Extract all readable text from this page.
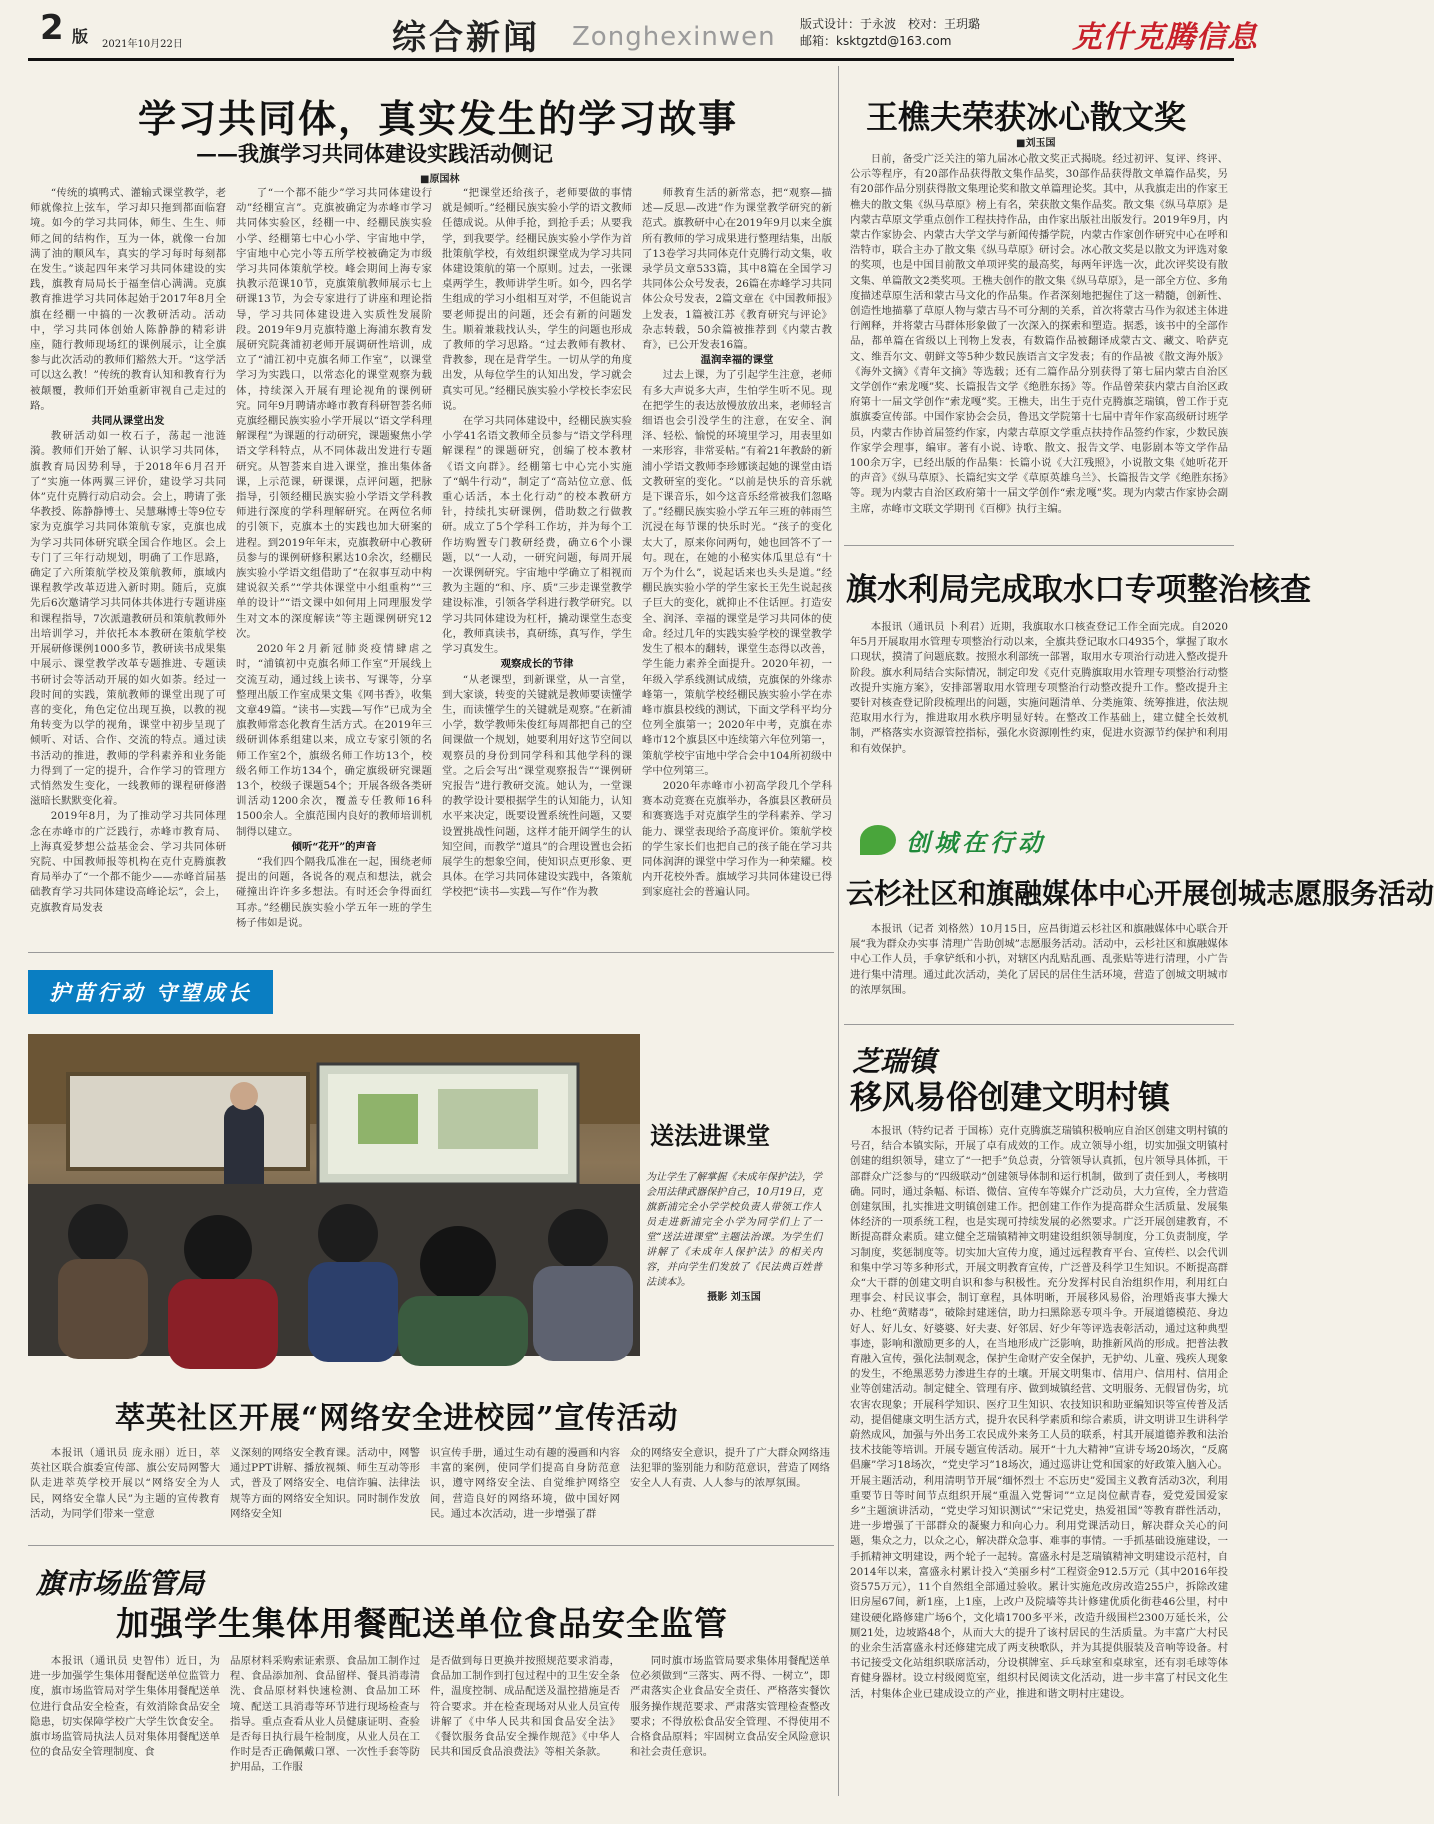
2 版 2021年10月22日	综合新闻 Zonghexinwen 版式设计：于永波　校对：王玥璐
邮箱：ksktgztd@163.com	克什克腾信息
学习共同体，真实发生的学习故事
——我旗学习共同体建设实践活动侧记
■原国林

“传统的填鸭式、灌输式课堂教学，老师就像拉上弦车，学习却只拖到都面临窘境。如今的学习共同体，师生、生生、师师之间的结构作，互为一体，就像一台加满了油的顺风车，真实的学习每时每刻都在发生。”谈起四年来学习共同体建设的实践，旗教育局局长于福奎信心满满。克旗教育推进学习共同体起始于2017年8月全旗在经棚一中搞的一次教研活动。活动中，学习共同体创始人陈静静的精彩讲座，随行教师现场红的课例展示，让全旗参与此次活动的教师们豁然大开。“这学活可以这么教！”传统的教育认知和教育行为被颠覆，教师们开始重新审视自己走过的路。

共同从课堂出发

教研活动如一枚石子，荡起一池涟漪。教师们开始了解、认识学习共同体，旗教育局因势利导，于2018年6月召开了“实施一体两翼三评价，建设学习共同体”克什克腾行动启动会。会上，聘请了张华教授、陈静静博士、吴慧琳博士等9位专家为克旗学习共同体策航专家，克旗也成为学习共同体研究联全国合作地区。会上专门了三年行动规划，明确了工作思路，确定了六所策航学校及策航教师，旗域内课程教学改革迈进入新时期。随后，克旗先后6次邀请学习共同体共体进行专题讲座和课程指导，7次派遣教研员和策航教师外出培训学习，并依托本本教研在策航学校开展研修课例1000多节，教研读书成果集中展示、课堂教学改革专题推进、专题读书研讨会等活动开展的如火如荼。经过一段时间的实践，策航教师的课堂出现了可喜的变化，角色定位出现互换，以教的视角转变为以学的视角，课堂中初步呈现了倾听、对话、合作、交流的特点。通过读书活动的推进，教师的学科素养和业务能力得到了一定的提升，合作学习的管理方式悄然发生变化，一线教师的课程研修潜滋暗长默默变化着。

2019年8月，为了推动学习共同体理念在赤峰市的广泛践行，赤峰市教育局、上海真爱梦想公益基金会、学习共同体研究院、中国教师报等机构在克什克腾旗教育局举办了“一个都不能少——赤峰首届基础教育学习共同体建设高峰论坛”，会上，克旗教育局发表

了“一个都不能少”学习共同体建设行动”经棚宣言”。克旗被确定为赤峰市学习共同体实验区，经棚一中、经棚民族实验小学、经棚第七中心小学、宇宙地中学，宇宙地中心完小等五所学校被确定为市级学习共同体策航学校。峰会期间上海专家执教示范课10节，克旗策航教师展示七上研课13节，为会专家进行了讲座和理论指导，学习共同体建设进入实质性发展阶段。2019年9月克旗特邀上海浦东教育发展研究院龚浦初老师开展调研性培训，成立了“浦江初中克旗名师工作室”，以课堂学习为实践口，以常态化的课堂观察为载体，持续深入开展有理论视角的课例研究。同年9月聘请赤峰市教育科研智荟名师克旗经棚民族实验小学开展以“语文学科理解课程”为课题的行动研究，课题聚焦小学语文学科特点，从不同体裁出发进行专题研究。从智荟来自进入课堂，推出集体备课，上示范课，研课课，点评问题，把脉指导，引领经棚民族实验小学语文学科教师进行深度的学科理解研究。在两位名师的引领下，克旗本土的实践也加大研案的进程。到2019年年末，克旗教研中心教研员参与的课例研修积累达10余次，经棚民族实验小学语文组借助了“在叙事互动中构建说叙关系”“学共体课堂中小组重构”“三单的设计”“语文课中如何用上同理服发学生对文本的深度解读”等主题课例研究12次。

2020年2月新冠肺炎疫情肆虐之时，“浦镇初中克旗名师工作室”开展线上交流互动，通过线上读书、写课等，分享整理出版工作室成果文集《网书香》，收集文章49篇。“读书—实践—写作”已成为全旗教师常态化教育生活方式。在2019年三级研训体系组建以来，成立专家引领的名师工作室2个，旗级名师工作坊13个，校级名师工作坊134个，确定旗级研究课题13个，校级子课题54个；开展各级各类研训活动1200余次，覆盖专任教师16科1500余人。全旗范围内良好的教师培训机制得以建立。

倾听“花开”的声音

“我们四个隔我瓜准在一起，围绕老师提出的问题，各说各的观点和想法，就会碰撞出许许多多想法。有时还会争得面红耳赤。”经棚民族实验小学五年一班的学生杨子伟如是说。

“把课堂还给孩子，老师要做的事情就是倾听。”经棚民族实验小学的语文教师任德成说。从伸手抢，到抢手丢；从要我学，到我要学。经棚民族实验小学作为首批策航学校，有效组织课堂成为学习共同体建设策航的第一个原则。过去，一张课桌两学生，教师讲学生听。如今，四名学生组成的学习小组相互对学，不但能说言要老师提出的问题，还会有新的问题发生。顺着兼栽找认头，学生的问题也形成了教师的学习思路。“过去教师有教材、背教参，现在是背学生。一切从学的角度出发，从每位学生的认知出发，学习就会真实可见。”经棚民族实验小学校长李宏民说。

在学习共同体建设中，经棚民族实验小学41名语文教师全员参与“语文学科理解课程”的课题研究，创编了校本教材《语文向群》。经棚第七中心完小实施了“蜗牛行动”，制定了“高站位立意、低重心话活，本土化行动”的校本教研方针，持续扎实研课例，借助数之行做教研。成立了5个学科工作坊，并为每个工作坊购置专门教研经费，确立6个小课题，以“一人动，一研究问题，每周开展一次课例研究。宇宙地中学确立了相视而教为主题的“和、序、质”三步走课堂教学建设标准，引领各学科进行教学研究。以学习共同体建设为杠杆，撬动课堂生态变化，教师真读书，真研练，真写作，学生学习真发生。

观察成长的节律

“从老课型，到新课堂，从一言堂，到大家谈，转变的关键就是教师要读懂学生，而读懂学生的关键就是观察。”在新浦小学，数学教师朱俊红每周都把自己的空间课做一个规划，她要利用好这节空间以观察员的身份到同学科和其他学科的课堂。之后会写出“课堂观察报告”“课例研究报告”进行教研交流。她认为，一堂课的教学设计要根据学生的认知能力，认知水平来决定，既要设置系统性问题，又要设置挑战性问题，这样才能开阔学生的认知空间，而教学“道具”的合理设置也会拓展学生的想象空间，使知识点更形象、更具体。在学习共同体建设实践中，各策航学校把“读书—实践—写作”作为教

师教育生活的新常态，把“观察—描述—反思—改进”作为课堂教学研究的新范式。旗教研中心在2019年9月以来全旗所有教师的学习成果进行整理结集，出版了13卷学习共同体克什克腾行动文集，收录学员文章533篇，其中8篇在全国学习共同体公众号发表，26篇在赤峰学习共同体公众号发表，2篇文章在《中国教师报》上发表，1篇被江苏《教育研究与评论》杂志转载，50余篇被推荐到《内蒙古教育》，已公开发表16篇。

温润幸福的课堂

过去上课，为了引起学生注意，老师有多大声说多大声，生怕学生听不见。现在把学生的表达放慢放放出来，老师轻言细语也会引没学生的注意，在安全、润泽、轻松、愉悦的环境里学习，用表里如一来形容，非常妥帖。”有着21年教龄的新浦小学语文教师李珍娜谈起她的课堂由语文教研室的变化。“以前是快乐的音乐就是下课音乐，如今这音乐经常被我们忽略了。”经棚民族实验小学五年三班的韩雨竺沉浸在每节课的快乐时光。“孩子的变化太大了，原来你问两句，她也回答不了一句。现在，在她的小秘实体瓜里总有“十万个为什么”，说起话来也头头是道。”经棚民族实验小学的学生家长王先生说起孩子巨大的变化，就抑止不住话匣。打造安全、润泽、幸福的课堂是学习共同体的使命。经过几年的实践实验学校的课堂教学发生了根本的翻转，课堂生态得以改善，学生能力素养全面提升。2020年初，一年级入学系线测试成绩，克旗保的外缘赤峰第一，策航学校经棚民族实验小学在赤峰市旗县校线的测试，下面文学科平均分位列全旗第一；2020年中考，克旗在赤峰市12个旗县区中连续第六年位列第一，策航学校宇宙地中学合会中104所初级中学中位列第三。

2020年赤峰市小初高学段几个学科赛本动竞赛在克旗举办，各旗县区教研员和赛赛选手对克旗学生的学科素养、学习能力、课堂表现给予高度评价。策航学校的学生家长们也把自己的孩子能在学习共同体润湃的课堂中学习作为一种荣耀。校内开花校外香。旗域学习共同体建设已得到家庭社会的普遍认同。

王樵夫荣获冰心散文奖
■刘玉国

日前，备受广泛关注的第九届冰心散文奖正式揭晓。经过初评、复评、终评、公示等程序，有20部作品获得散文集作品奖，30部作品获得散文单篇作品奖，另有20部作品分别获得散文集理论奖和散文单篇理论奖。其中，从我旗走出的作家王樵夫的散文集《纵马草原》榜上有名，荣获散文集作品奖。散文集《纵马草原》是内蒙古草原文学重点创作工程扶持作品，由作家出版社出版发行。2019年9月，内蒙古作家协会、内蒙古大学文学与新闻传播学院，内蒙古作家创作研究中心在呼和浩特市，联合主办了散文集《纵马草原》研讨会。冰心散文奖是以散文为评选对象的奖项，也是中国目前散文单项评奖的最高奖，每两年评选一次，此次评奖设有散文集、单篇散文2类奖项。王樵夫创作的散文集《纵马草原》，是一部全方位、多角度描述草原生活和蒙古马文化的作品集。作者深刻地把握住了这一精髓，创新性、创造性地描摹了草原人物与蒙古马不可分割的关系，首次将蒙古马作为叙述主体进行阐释，并将蒙古马群体形象做了一次深入的探索和塑造。据悉，该书中的全部作品，都单篇在省级以上刊物上发表，有数篇作品被翻译成蒙古文、藏文、哈萨克文、维吾尔文、朝鲜文等5种少数民族语言文字发表；有的作品被《散文海外版》《海外文摘》《青年文摘》等选载；还有二篇作品分别获得了第七届内蒙古自治区文学创作“索龙嘎”奖、长篇报告文学《绝胜东扬》等。作品曾荣获内蒙古自治区政府第十一届文学创作“索龙嘎”奖。王樵夫，出生于克什克腾旗芝瑞镇，曾工作于克旗旗委宣传部。中国作家协会会员，鲁迅文学院第十七届中青年作家高级研讨班学员，内蒙古作协首届签约作家，内蒙古草原文学重点扶持作品签约作家，少数民族作家学会理事，编审。著有小说、诗歌、散文、报告文学、电影剧本等文学作品100余万字，已经出版的作品集：长篇小说《大江残照》，小说散文集《她听花开的声音》《纵马草原》、长篇纪实文学《草原英雄乌兰》、长篇报告文学《绝胜东扬》等。现为内蒙古自治区政府第十一届文学创作“索龙嘎”奖。现为内蒙古作家协会副主席，赤峰市文联文学期刊《百柳》执行主编。

旗水利局完成取水口专项整治核查

本报讯（通讯员 卜利君）近期，我旗取水口核查登记工作全面完成。自2020年5月开展取用水管理专项整治行动以来，全旗共登记取水口4935个，掌握了取水口现状，摸清了问题底数。按照水利部统一部署，取用水专项治行动进入整改提升阶段。旗水利局结合实际情况，制定印发《克什克腾旗取用水管理专项整治行动整改提升实施方案》，安排部署取用水管理专项整治行动整改提升工作。整改提升主要针对核查登记阶段梳理出的问题，实施问题清单、分类施策、统筹推进，依法规范取用水行为，推进取用水秩序明显好转。在整改工作基础上，建立健全长效机制，严格落实水资源管控指标，强化水资源刚性约束，促进水资源节约保护和利用和有效保护。

创城在行动
云杉社区和旗融媒体中心开展创城志愿服务活动

本报讯（记者 刘格然）10月15日，应昌街道云杉社区和旗融媒体中心联合开展“我为群众办实事 清理广告助创城”志愿服务活动。活动中，云杉社区和旗融媒体中心工作人员，手拿铲纸和小扒，对辖区内乱贴乱画、乱张贴等进行清理，小广告进行集中清理。通过此次活动，美化了居民的居住生活环境，营造了创城文明城市的浓厚氛围。

芝瑞镇
移风易俗创建文明村镇

本报讯（特约记者 于国栋）克什克腾旗芝瑞镇积极响应自治区创建文明村镇的号召，结合本镇实际，开展了卓有成效的工作。成立领导小组，切实加强文明镇村创建的组织领导，建立了“一把手”负总责，分管领导认真抓，包片领导具体抓，干部群众广泛参与的“四级联动”创建领导体制和运行机制，做到了责任到人，考核明确。同时，通过条幅、标语、微信、宣传车等媒介广泛动员，大力宣传，全力营造创建氛围，扎实推进文明镇创建工作。把创建工作作为提高群众生活质量、发展集体经济的一项系统工程，也是实现可持续发展的必然要求。广泛开展创建教育，不断提高群众素质。建立健全芝瑞镇精神文明建设组织领导制度，分工负责制度，学习制度，奖惩制度等。切实加大宣传力度，通过远程教育平台、宣传栏、以会代训和集中学习等多种形式，开展文明教育宣传，广泛普及科学卫生知识。不断提高群众“大干群的创建文明自识和参与积极性。充分发挥村民自治组织作用，利用红白理事会、村民议事会，制订章程，具体明晰，开展移风易俗，治理婚丧事大操大办、杜绝“黄赌毒”，破除封建迷信，助力扫黑除恶专项斗争。开展道德模范、身边好人、好儿女、好婆婆、好夫妻、好邻居、好少年等评选表彰活动，通过这种典型事迹，影响和激励更多的人，在当地形成广泛影响，助推新风尚的形成。把普法教育融入宣传，强化法制观念，保护生命财产安全保护，无护幼、儿童、残疾人现象的发生，不绝黑恶势力渗进生存的土壤。开展文明集市、信用户、信用村、信用企业等创建活动。制定健全、管理有序、做到城镇经营、文明服务、无假冒伪劣，坑农害农现象；开展科学知识、医疗卫生知识、农技知识和助亚编知识等宣传普及活动，提倡健康文明生活方式，提升农民科学素质和综合素质，讲文明讲卫生讲科学蔚然成风，加强与外出务工农民成外来务工人员的联系，村其开展道德养教和法治技术技能等培训。开展专题宣传活动。展开“十九大精神”宣讲专场20场次，“反腐倡廉”学习18场次，“党史学习”18场次，通过巡讲让党和国家的好政策入脑入心。开展主题活动，利用清明节开展“缅怀烈士 不忘历史”爱国主义教育活动3次，利用重要节日等时间节点组织开展“重温入党誓词”“立足岗位献青春，爱党爱国爱家乡”主题演讲活动，“党史学习知识测试”“宋记党史，热爱祖国”等教育群性活动，进一步增强了干部群众的凝聚力和向心力。利用党课活动日，解决群众关心的问题，集众之力，以众之心，解决群众急事、难事的事情。一手抓基础设施建设，一手抓精神文明建设，两个轮子一起转。富盛永村是芝瑞镇精神文明建设示范村，自2014年以来，富盛永村累计投入“美丽乡村”工程资金912.5万元（其中2016年投资575万元），11个自然组全部通过验收。累计实施危改房改造255户，拆除改建旧房屋67间，新1座，上1座，上改户及院墙等共计修建优质化街巷46公里，村中建设硬化路修建广场6个，文化墙1700多平米，改造升级围栏2300万延长米，公厕21处，边坡路48个，从而大大的提升了该村居民的生活质量。为丰富广大村民的业余生活富盛永村还修建完成了两支秧歌队，并为其提供服装及音响等设备。村书记接受文化站组织联席活动，分设棋牌室、乒乓球室和桌球室，还有羽毛球等体育健身器材。设立村级阅览室，组织村民阅读文化活动，进一步丰富了村民文化生活，村集体企业已建成设立的产业，推进和谐文明村庄建设。

护苗行动 守望成长
送法进课堂

为让学生了解掌握《未成年保护法》，学会用法律武器保护自己，10月19日，克旗新浦完全小学学校负责人带领工作人员走进新浦完全小学为同学们上了一堂“送法进课堂”主题法治课。为学生们讲解了《未成年人保护法》的相关内容，并向学生们发放了《民法典百姓普法读本》。

摄影 刘玉国

萃英社区开展“网络安全进校园”宣传活动

本报讯（通讯员 庞永丽）近日，萃英社区联合旗委宣传部、旗公安局网警大队走进萃英学校开展以“网络安全为人民，网络安全靠人民”为主题的宣传教育活动，为同学们带来一堂意

义深刻的网络安全教育课。活动中，网警通过PPT讲解、播放视频、师生互动等形式，普及了网络安全、电信诈骗、法律法规等方面的网络安全知识。同时制作发放网络安全知

识宣传手册，通过生动有趣的漫画和内容丰富的案例，使同学们提高自身防范意识，遵守网络安全法、自觉维护网络空间，营造良好的网络环境，做中国好网民。通过本次活动，进一步增强了群

众的网络安全意识，提升了广大群众网络违法犯罪的鉴别能力和防范意识，营造了网络安全人人有责、人人参与的浓厚氛围。

旗市场监管局
加强学生集体用餐配送单位食品安全监管

本报讯（通讯员 史智伟）近日，为进一步加强学生集体用餐配送单位监管力度，旗市场监管局对学生集体用餐配送单位进行食品安全检查，有效消除食品安全隐患，切实保障学校广大学生饮食安全。旗市场监管局执法人员对集体用餐配送单位的食品安全管理制度、食

品原材料采购索证索票、食品加工制作过程、食品添加剂、食品留样、餐具消毒清洗、食品原材料快速检测、食品加工环境、配送工具消毒等环节进行现场检查与指导。重点查看从业人员健康证明、查验是否每日执行晨午检制度，从业人员在工作时是否正确佩戴口罩、一次性手套等防护用品，工作服

是否做到每日更换并按照规范要求消毒，食品加工制作到打包过程中的卫生安全条件，温度控制、成品配送及温控措施是否符合要求。并在检查现场对从业人员宣传讲解了《中华人民共和国食品安全法》《餐饮服务食品安全操作规范》《中华人民共和国反食品浪费法》等相关条款。

同时旗市场监管局要求集体用餐配送单位必须做到“三落实、两不得、一树立”，即严肃落实企业食品安全责任、严格落实餐饮服务操作规范要求、严肃落实管理检查整改要求；不得放松食品安全管理、不得使用不合格食品原料；牢固树立食品安全风险意识和社会责任意识。
